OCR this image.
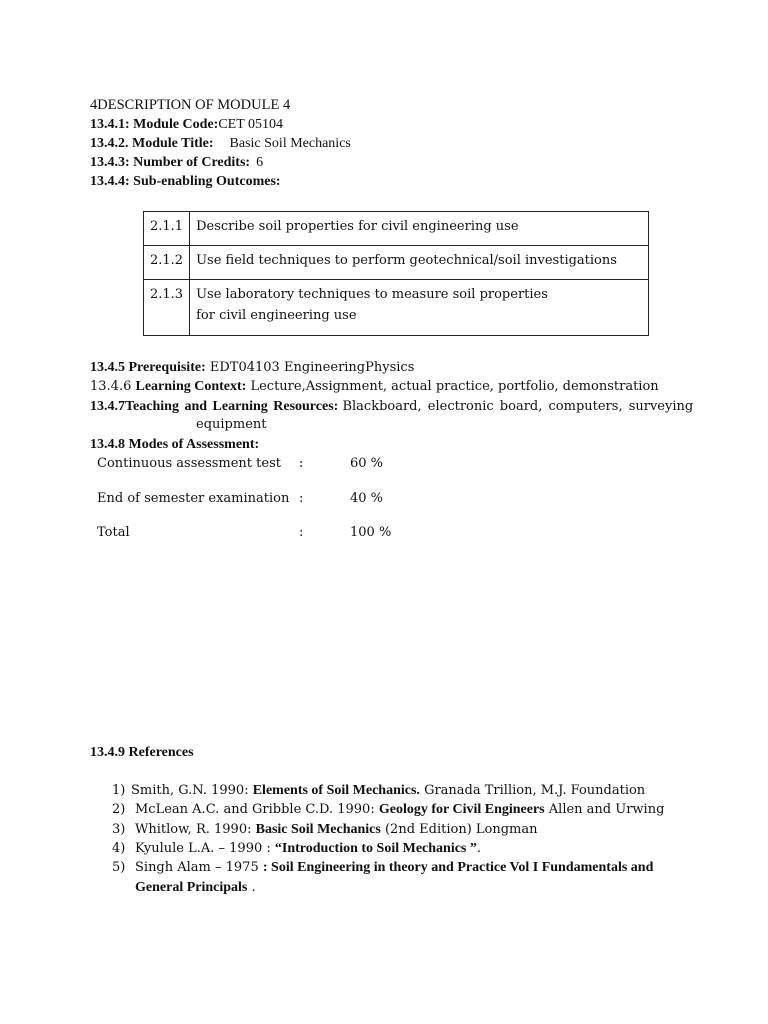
4DESCRIPTION OF MODULE 4
13.4.1: Module Code:CET 05104
13.4.2. Module Title: Basic Soil Mechanics
13.4.3: Number of Credits: 6
13.4.4: Sub-enabling Outcomes:
2.1.1	Describe soil properties for civil engineering use
2.1.2	Use field techniques to perform geotechnical/soil investigations
2.1.3	Use laboratory techniques to measure soil properties for civil engineering use
13.4.5 Prerequisite: EDT04103 EngineeringPhysics
13.4.6 Learning Context: Lecture,Assignment, actual practice, portfolio, demonstration
13.4.7Teaching and Learning Resources: Blackboard, electronic board, computers, surveying
equipment
13.4.8 Modes of Assessment:
Continuous assessment test :	60 %
End of semester examination :	40 %
Total	:	100 %
13.4.9 References
1) Smith, G.N. 1990: Elements of Soil Mechanics. Granada Trillion, M.J. Foundation
2) McLean A.C. and Gribble C.D. 1990: Geology for Civil Engineers Allen and Urwing
3) Whitlow, R. 1990: Basic Soil Mechanics (2nd Edition) Longman
4) Kyulule L.A. – 1990 : “Introduction to Soil Mechanics ”.
5) Singh Alam – 1975 : Soil Engineering in theory and Practice Vol I Fundamentals and
General Principals .
